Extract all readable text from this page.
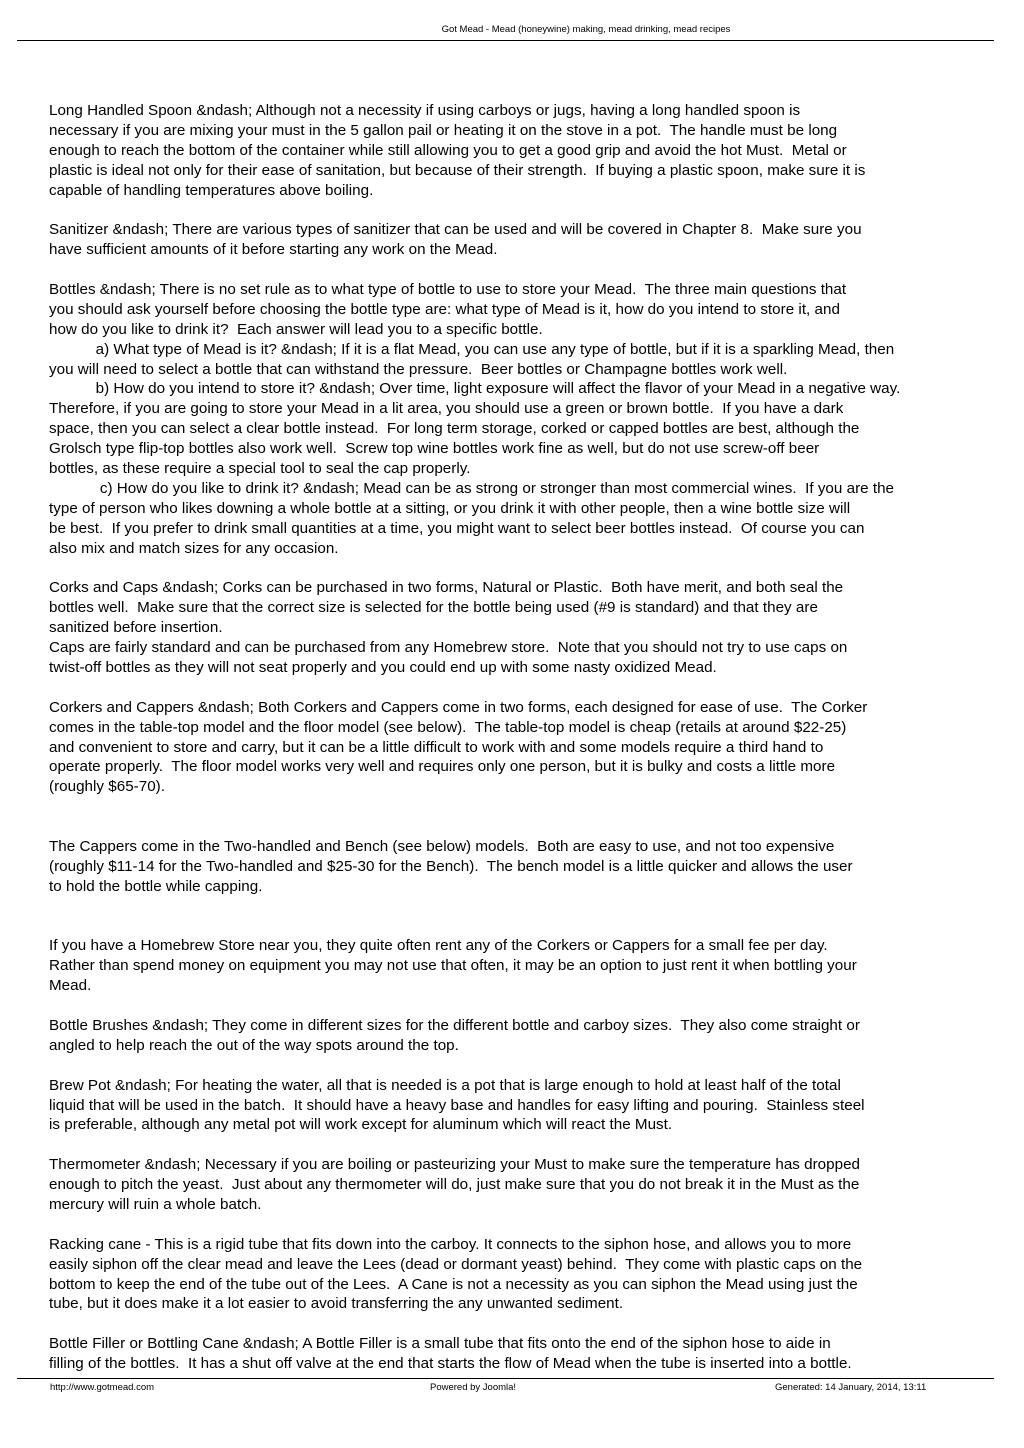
Got Mead - Mead (honeywine) making, mead drinking, mead recipes
Long Handled Spoon &ndash; Although not a necessity if using carboys or jugs, having a long handled spoon is
necessary if you are mixing your must in the 5 gallon pail or heating it on the stove in a pot.  The handle must be long
enough to reach the bottom of the container while still allowing you to get a good grip and avoid the hot Must.  Metal or
plastic is ideal not only for their ease of sanitation, but because of their strength.  If buying a plastic spoon, make sure it is
capable of handling temperatures above boiling.
Sanitizer &ndash; There are various types of sanitizer that can be used and will be covered in Chapter 8.  Make sure you
have sufficient amounts of it before starting any work on the Mead.
Bottles &ndash; There is no set rule as to what type of bottle to use to store your Mead.  The three main questions that
you should ask yourself before choosing the bottle type are: what type of Mead is it, how do you intend to store it, and
how do you like to drink it?  Each answer will lead you to a specific bottle.
a) What type of Mead is it? &ndash; If it is a flat Mead, you can use any type of bottle, but if it is a sparkling Mead, then
you will need to select a bottle that can withstand the pressure.  Beer bottles or Champagne bottles work well.
b) How do you intend to store it? &ndash; Over time, light exposure will affect the flavor of your Mead in a negative way.
Therefore, if you are going to store your Mead in a lit area, you should use a green or brown bottle.  If you have a dark
space, then you can select a clear bottle instead.  For long term storage, corked or capped bottles are best, although the
Grolsch type flip-top bottles also work well.  Screw top wine bottles work fine as well, but do not use screw-off beer
bottles, as these require a special tool to seal the cap properly.
c) How do you like to drink it? &ndash; Mead can be as strong or stronger than most commercial wines.  If you are the
type of person who likes downing a whole bottle at a sitting, or you drink it with other people, then a wine bottle size will
be best.  If you prefer to drink small quantities at a time, you might want to select beer bottles instead.  Of course you can
also mix and match sizes for any occasion.
Corks and Caps &ndash; Corks can be purchased in two forms, Natural or Plastic.  Both have merit, and both seal the
bottles well.  Make sure that the correct size is selected for the bottle being used (#9 is standard) and that they are
sanitized before insertion.
Caps are fairly standard and can be purchased from any Homebrew store.  Note that you should not try to use caps on
twist-off bottles as they will not seat properly and you could end up with some nasty oxidized Mead.
Corkers and Cappers &ndash; Both Corkers and Cappers come in two forms, each designed for ease of use.  The Corker
comes in the table-top model and the floor model (see below).  The table-top model is cheap (retails at around $22-25)
and convenient to store and carry, but it can be a little difficult to work with and some models require a third hand to
operate properly.  The floor model works very well and requires only one person, but it is bulky and costs a little more
(roughly $65-70).
The Cappers come in the Two-handled and Bench (see below) models.  Both are easy to use, and not too expensive
(roughly $11-14 for the Two-handled and $25-30 for the Bench).  The bench model is a little quicker and allows the user
to hold the bottle while capping.
If you have a Homebrew Store near you, they quite often rent any of the Corkers or Cappers for a small fee per day.
Rather than spend money on equipment you may not use that often, it may be an option to just rent it when bottling your
Mead.
Bottle Brushes &ndash; They come in different sizes for the different bottle and carboy sizes.  They also come straight or
angled to help reach the out of the way spots around the top.
Brew Pot &ndash; For heating the water, all that is needed is a pot that is large enough to hold at least half of the total
liquid that will be used in the batch.  It should have a heavy base and handles for easy lifting and pouring.  Stainless steel
is preferable, although any metal pot will work except for aluminum which will react the Must.
Thermometer &ndash; Necessary if you are boiling or pasteurizing your Must to make sure the temperature has dropped
enough to pitch the yeast.  Just about any thermometer will do, just make sure that you do not break it in the Must as the
mercury will ruin a whole batch.
Racking cane - This is a rigid tube that fits down into the carboy. It connects to the siphon hose, and allows you to more
easily siphon off the clear mead and leave the Lees (dead or dormant yeast) behind.  They come with plastic caps on the
bottom to keep the end of the tube out of the Lees.  A Cane is not a necessity as you can siphon the Mead using just the
tube, but it does make it a lot easier to avoid transferring the any unwanted sediment.
Bottle Filler or Bottling Cane &ndash; A Bottle Filler is a small tube that fits onto the end of the siphon hose to aide in
filling of the bottles.  It has a shut off valve at the end that starts the flow of Mead when the tube is inserted into a bottle.
http://www.gotmead.com	Powered by Joomla!	Generated: 14 January, 2014, 13:11
